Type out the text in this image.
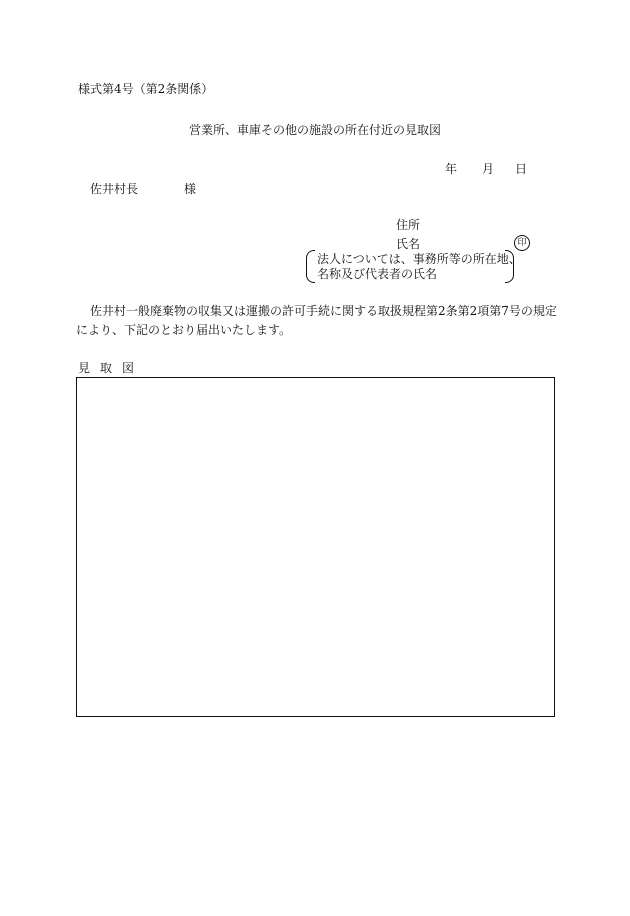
様式第4号（第2条関係）
営業所、車庫その他の施設の所在付近の見取図
年 月 日
佐井村長	様
住所
氏名	印
法人については、事務所等の所在地、
名称及び代表者の氏名
佐井村一般廃棄物の収集又は運搬の許可手続に関する取扱規程第2条第2項第7号の規定
により、下記のとおり届出いたします。
見取図
